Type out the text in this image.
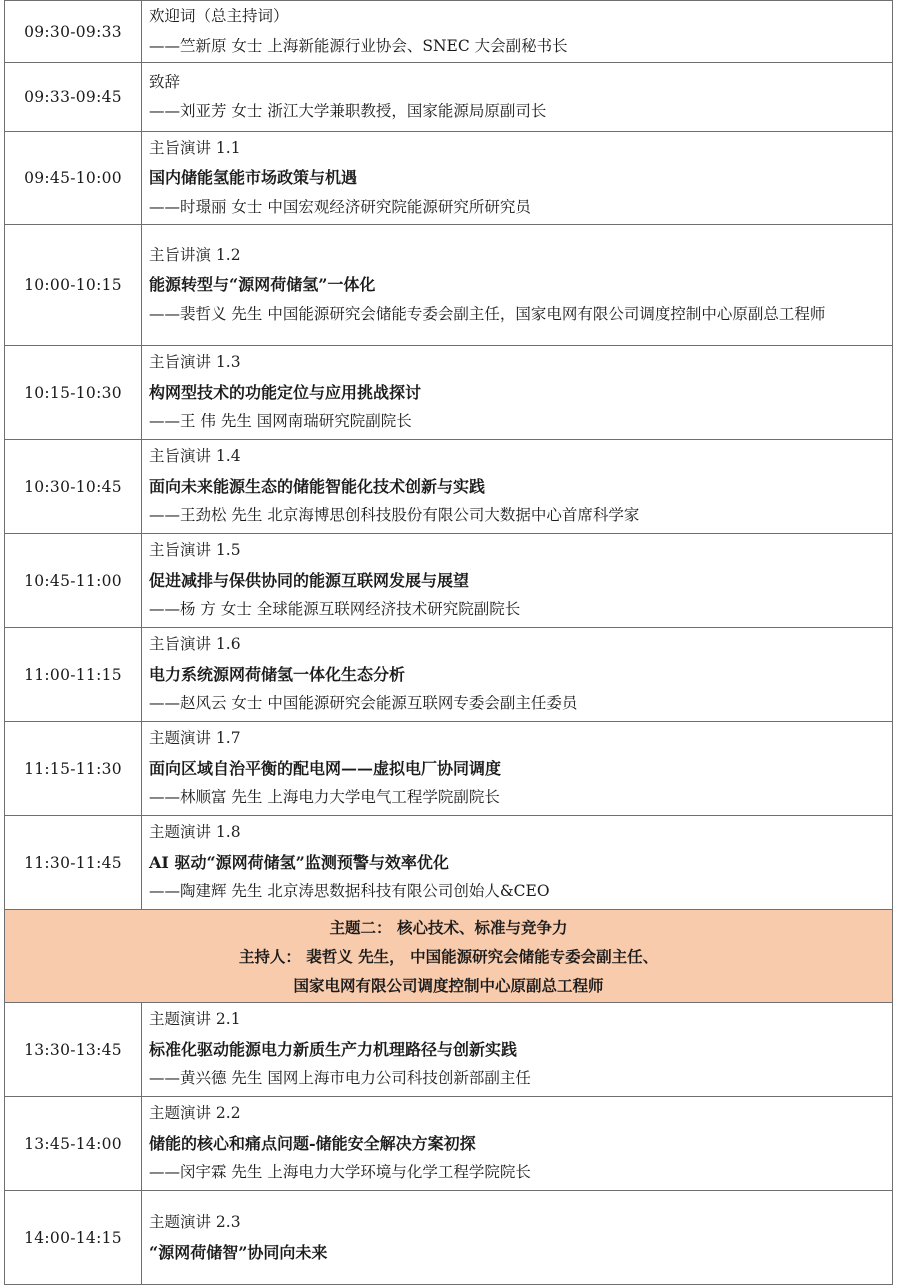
09:30-09:33	欢迎词（总主持词）
——竺新原 女士 上海新能源行业协会、SNEC 大会副秘书长

09:33-09:45	致辞
——刘亚芳 女士 浙江大学兼职教授，国家能源局原副司长

09:45-10:00	主旨演讲 1.1
国内储能氢能市场政策与机遇
——时璟丽 女士 中国宏观经济研究院能源研究所研究员

10:00-10:15	主旨讲演 1.2
能源转型与“源网荷储氢”一体化
——裴哲义 先生 中国能源研究会储能专委会副主任，国家电网有限公司调度控制中心原副总工程师

10:15-10:30	主旨演讲 1.3
构网型技术的功能定位与应用挑战探讨
——王 伟 先生 国网南瑞研究院副院长

10:30-10:45	主旨演讲 1.4
面向未来能源生态的储能智能化技术创新与实践
——王劲松 先生 北京海博思创科技股份有限公司大数据中心首席科学家

10:45-11:00	主旨演讲 1.5
促进减排与保供协同的能源互联网发展与展望
——杨 方 女士 全球能源互联网经济技术研究院副院长

11:00-11:15	主旨演讲 1.6
电力系统源网荷储氢一体化生态分析
——赵风云 女士 中国能源研究会能源互联网专委会副主任委员

11:15-11:30	主题演讲 1.7
面向区域自治平衡的配电网——虚拟电厂协同调度
——林顺富 先生 上海电力大学电气工程学院副院长

11:30-11:45	主题演讲 1.8
AI 驱动“源网荷储氢”监测预警与效率优化
——陶建辉 先生 北京涛思数据科技有限公司创始人&CEO

主题二： 核心技术、标准与竞争力
主持人： 裴哲义 先生， 中国能源研究会储能专委会副主任、
国家电网有限公司调度控制中心原副总工程师	

13:30-13:45	主题演讲 2.1
标准化驱动能源电力新质生产力机理路径与创新实践
——黄兴德 先生 国网上海市电力公司科技创新部副主任

13:45-14:00	主题演讲 2.2
储能的核心和痛点问题-储能安全解决方案初探
——闵宇霖 先生 上海电力大学环境与化学工程学院院长

14:00-14:15	主题演讲 2.3
“源网荷储智”协同向未来
